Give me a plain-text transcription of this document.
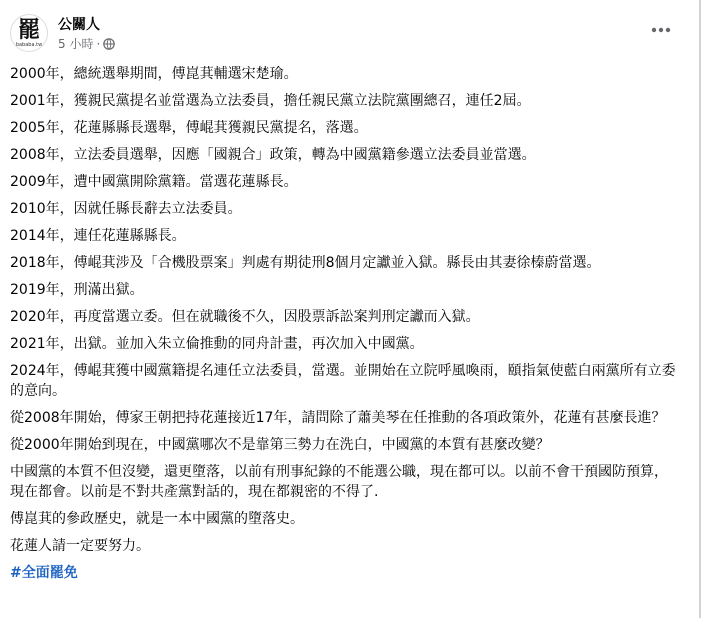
罷
bababa.tw
公關人
5 小時 ·

2000年，總統選舉期間，傅崑萁輔選宋楚瑜。

2001年，獲親民黨提名並當選為立法委員，擔任親民黨立法院黨團總召，連任2屆。

2005年，花蓮縣縣長選舉，傅崐萁獲親民黨提名，落選。

2008年，立法委員選舉，因應「國親合」政策，轉為中國黨籍參選立法委員並當選。

2009年，遭中國黨開除黨籍。當選花蓮縣長。

2010年，因就任縣長辭去立法委員。

2014年，連任花蓮縣縣長。

2018年，傅崐萁涉及「合機股票案」判處有期徒刑8個月定讞並入獄。縣長由其妻徐榛蔚當選。

2019年，刑滿出獄。

2020年，再度當選立委。但在就職後不久，因股票訴訟案判刑定讞而入獄。

2021年，出獄。並加入朱立倫推動的同舟計畫，再次加入中國黨。

2024年，傅崐萁獲中國黨籍提名連任立法委員，當選。並開始在立院呼風喚雨，頤指氣使藍白兩黨所有立委的意向。

從2008年開始，傅家王朝把持花蓮接近17年，請問除了蕭美琴在任推動的各項政策外，花蓮有甚麼長進？

從2000年開始到現在，中國黨哪次不是靠第三勢力在洗白，中國黨的本質有甚麼改變？

中國黨的本質不但沒變，還更墮落，以前有刑事紀錄的不能選公職，現在都可以。以前不會干預國防預算，現在都會。以前是不對共產黨對話的，現在都親密的不得了.

傅崑萁的參政歷史，就是一本中國黨的墮落史。

花蓮人請一定要努力。

#全面罷免
